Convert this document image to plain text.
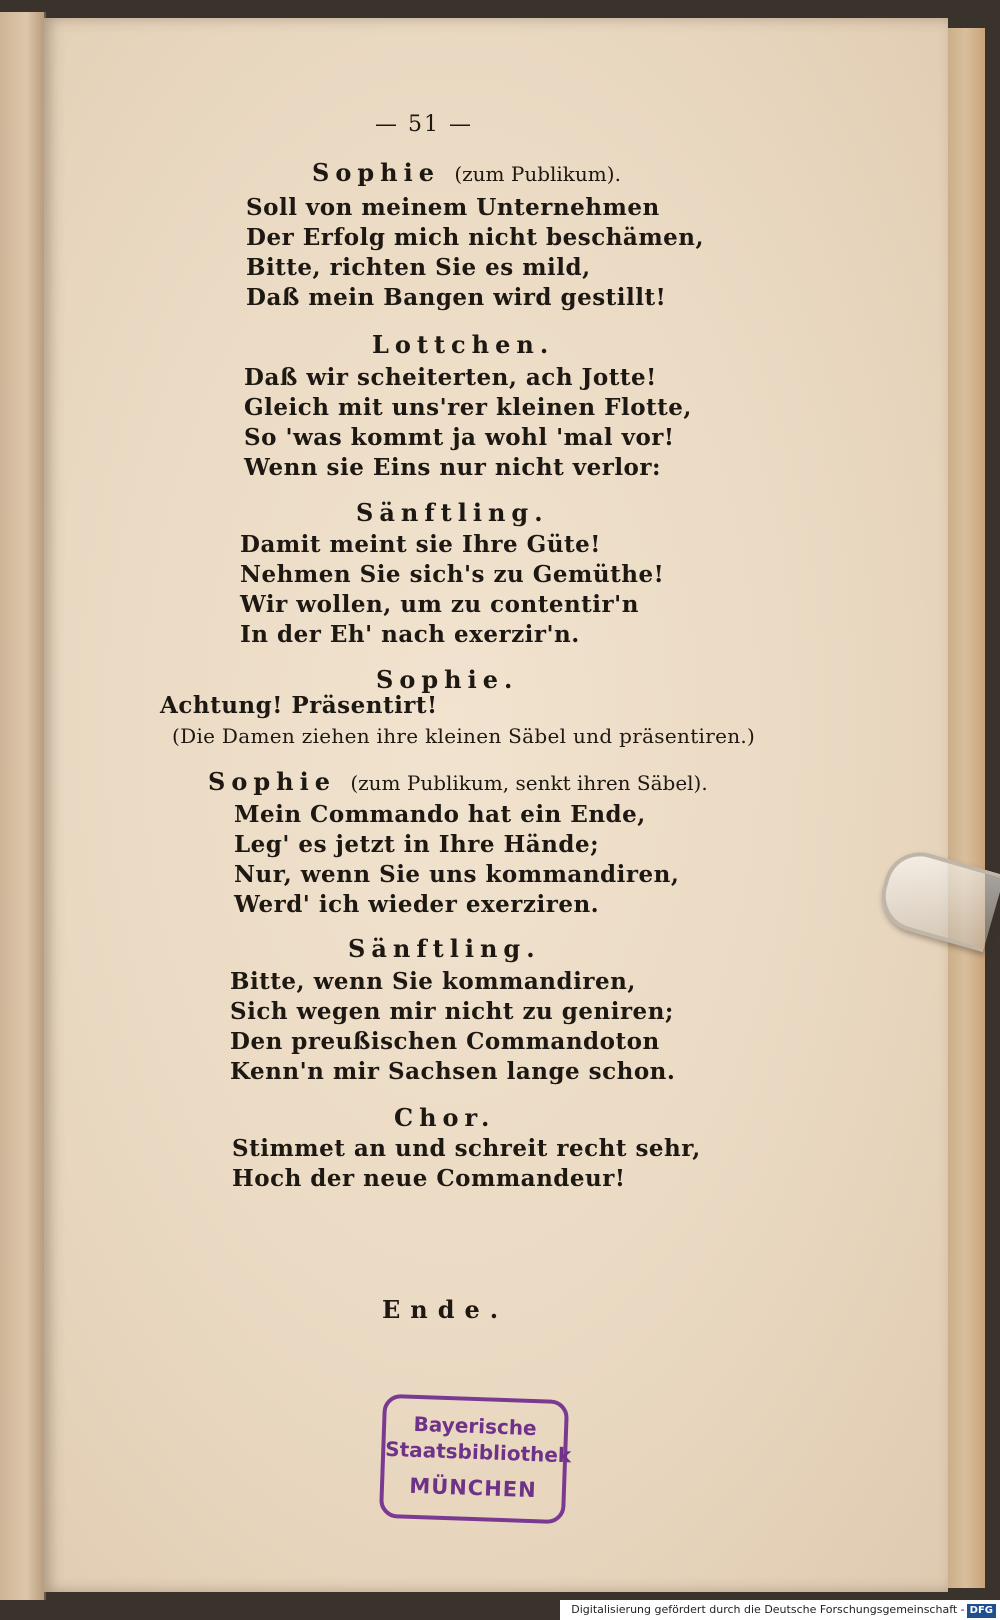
— 51 —
Sophie (zum Publikum).
Soll von meinem Unternehmen
Der Erfolg mich nicht beschämen,
Bitte, richten Sie es mild,
Daß mein Bangen wird gestillt!
Lottchen.
Daß wir scheiterten, ach Jotte!
Gleich mit uns'rer kleinen Flotte,
So 'was kommt ja wohl 'mal vor!
Wenn sie Eins nur nicht verlor:
Sänftling.
Damit meint sie Ihre Güte!
Nehmen Sie sich's zu Gemüthe!
Wir wollen, um zu contentir'n
In der Eh' nach exerzir'n.
Sophie.
Achtung! Präsentirt!
(Die Damen ziehen ihre kleinen Säbel und präsentiren.)
Sophie (zum Publikum, senkt ihren Säbel).
Mein Commando hat ein Ende,
Leg' es jetzt in Ihre Hände;
Nur, wenn Sie uns kommandiren,
Werd' ich wieder exerziren.
Sänftling.
Bitte, wenn Sie kommandiren,
Sich wegen mir nicht zu geniren;
Den preußischen Commandoton
Kenn'n mir Sachsen lange schon.
Chor.
Stimmet an und schreit recht sehr,
Hoch der neue Commandeur!
Ende.
Bayerische
Staatsbibliothek
MÜNCHEN
Digitalisierung gefördert durch die Deutsche Forschungsgemeinschaft - DFG
